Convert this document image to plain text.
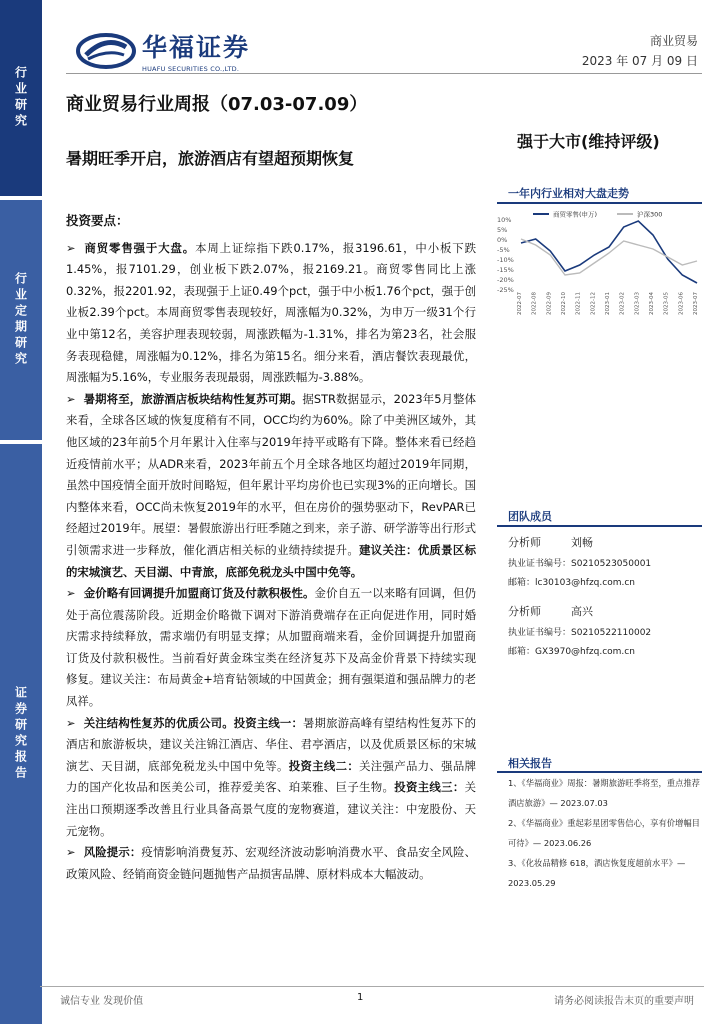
行业研究
行业定期研究
证券研究报告
华福证券
HUAFU SECURITIES CO.,LTD.
商业贸易
2023 年 07 月 09 日
商业贸易行业周报（07.03-07.09）
暑期旺季开启，旅游酒店有望超预期恢复
强于大市(维持评级)
一年内行业相对大盘走势
10%
5%
0%
-5%
-10%
-15%
-20%
-25%
2022-07 2022-08 2022-09 2022-10 2022-11 2022-12 2023-01 2023-02 2023-03 2023-04 2023-05 2023-06 2023-07
商贸零售(申万)	沪深300
投资要点：

➢ 商贸零售强于大盘。本周上证综指下跌0.17%，报3196.61，中小板下跌1.45%，报7101.29，创业板下跌2.07%，报2169.21。商贸零售同比上涨0.32%，报2201.92，表现强于上证0.49个pct，强于中小板1.76个pct，强于创业板2.39个pct。本周商贸零售表现较好，周涨幅为0.32%，为申万一级31个行业中第12名，美容护理表现较弱，周涨跌幅为-1.31%，排名为第23名，社会服务表现稳健，周涨幅为0.12%，排名为第15名。细分来看，酒店餐饮表现最优，周涨幅为5.16%，专业服务表现最弱，周涨跌幅为-3.88%。

➢ 暑期将至，旅游酒店板块结构性复苏可期。据STR数据显示，2023年5月整体来看，全球各区域的恢复度稍有不同，OCC均约为60%。除了中美洲区域外，其他区域的23年前5个月年累计入住率与2019年持平或略有下降。整体来看已经趋近疫情前水平；从ADR来看，2023年前五个月全球各地区均超过2019年同期，虽然中国疫情全面开放时间略短，但年累计平均房价也已实现3%的正向增长。国内整体来看，OCC尚未恢复2019年的水平，但在房价的强势驱动下，RevPAR已经超过2019年。展望：暑假旅游出行旺季随之到来，亲子游、研学游等出行形式引领需求进一步释放，催化酒店相关标的业绩持续提升。建议关注：优质景区标的宋城演艺、天目湖、中青旅，底部免税龙头中国中免等。

➢ 金价略有回调提升加盟商订货及付款积极性。金价自五一以来略有回调，但仍处于高位震荡阶段。近期金价略微下调对下游消费端存在正向促进作用，同时婚庆需求持续释放，需求端仍有明显支撑；从加盟商端来看，金价回调提升加盟商订货及付款积极性。当前看好黄金珠宝类在经济复苏下及高金价背景下持续实现修复。建议关注：布局黄金+培育钻领域的中国黄金；拥有强渠道和强品牌力的老凤祥。

➢ 关注结构性复苏的优质公司。投资主线一：暑期旅游高峰有望结构性复苏下的酒店和旅游板块，建议关注锦江酒店、华住、君亭酒店，以及优质景区标的宋城演艺、天目湖，底部免税龙头中国中免等。投资主线二：关注强产品力、强品牌力的国产化妆品和医美公司，推荐爱美客、珀莱雅、巨子生物。投资主线三：关注出口预期逐季改善且行业具备高景气度的宠物赛道，建议关注：中宠股份、天元宠物。

➢ 风险提示：疫情影响消费复苏、宏观经济波动影响消费水平、食品安全风险、政策风险、经销商资金链问题抛售产品损害品牌、原材料成本大幅波动。

团队成员
分析师	刘畅
执业证书编号：S0210523050001
邮箱：lc30103@hfzq.com.cn
分析师	高兴
执业证书编号：S0210522110002
邮箱：GX3970@hfzq.com.cn
相关报告
1、《华福商业》周报：暑期旅游旺季将至，重点推荐酒店旅游》— 2023.07.03
2、《华福商业》重起彩星团零售信心，享有价增幅目可待》— 2023.06.26
3、《化妆品精修 618，酒店恢复度超前水平》— 2023.05.29
诚信专业 发现价值	1	请务必阅读报告末页的重要声明
